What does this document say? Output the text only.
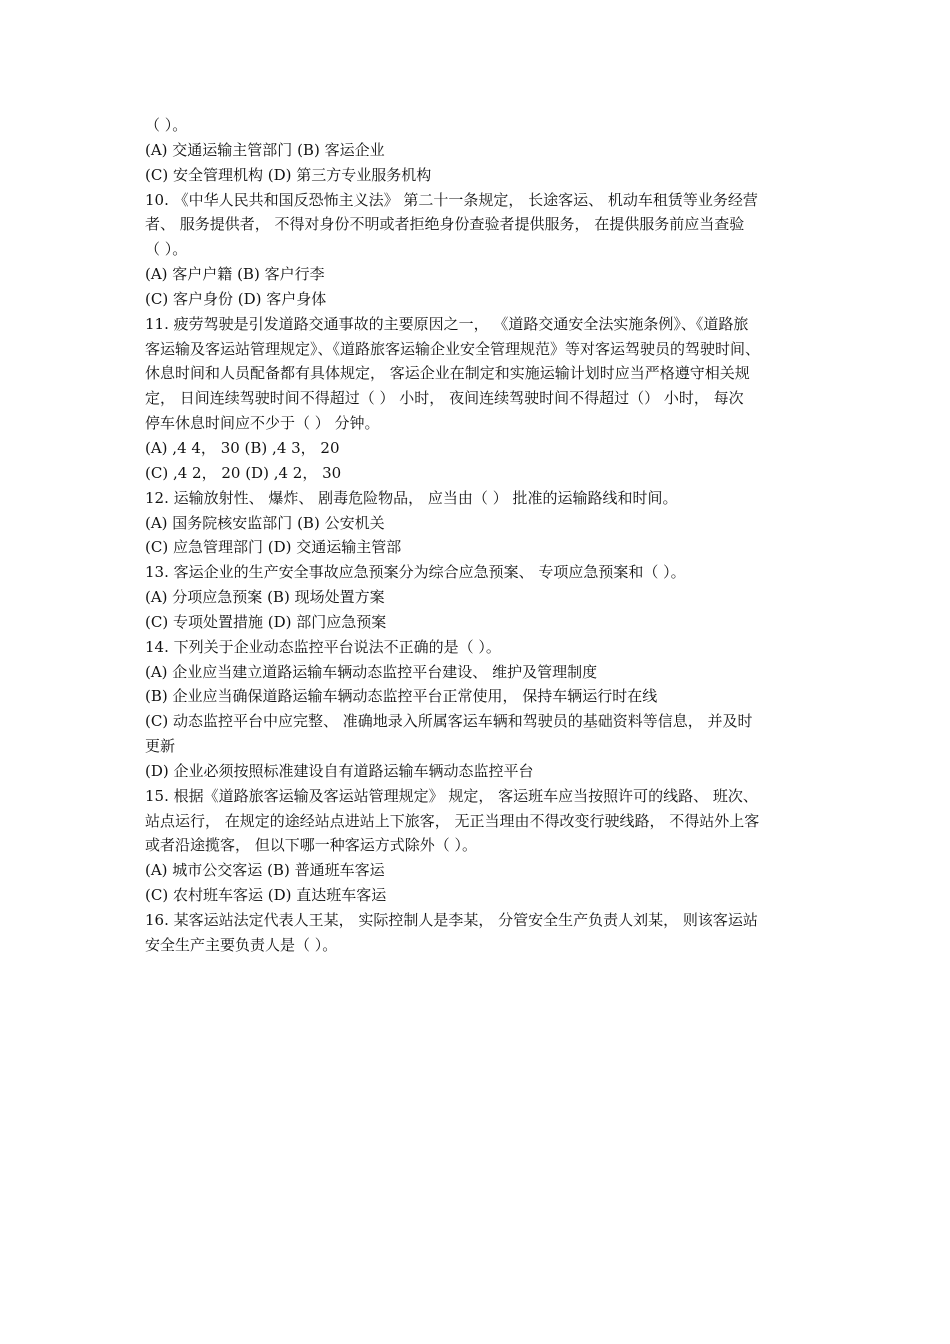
（ ）。
(A) 交通运输主管部门 (B) 客运企业
(C) 安全管理机构 (D) 第三方专业服务机构
10. 《中华人民共和国反恐怖主义法》 第二十一条规定， 长途客运、 机动车租赁等业务经营
者、 服务提供者， 不得对身份不明或者拒绝身份查验者提供服务， 在提供服务前应当查验
（ ）。
(A) 客户户籍 (B) 客户行李
(C) 客户身份 (D) 客户身体
11. 疲劳驾驶是引发道路交通事故的主要原因之一， 《道路交通安全法实施条例》、《道路旅
客运输及客运站管理规定》、《道路旅客运输企业安全管理规范》等对客运驾驶员的驾驶时间、
休息时间和人员配备都有具体规定， 客运企业在制定和实施运输计划时应当严格遵守相关规
定， 日间连续驾驶时间不得超过（ ） 小时， 夜间连续驾驶时间不得超过（） 小时， 每次
停车休息时间应不少于（ ） 分钟。
(A) ,4 4， 30 (B) ,4 3， 20
(C) ,4 2， 20 (D) ,4 2， 30
12. 运输放射性、 爆炸、 剧毒危险物品， 应当由（ ） 批准的运输路线和时间。
(A) 国务院核安监部门 (B) 公安机关
(C) 应急管理部门 (D) 交通运输主管部
13. 客运企业的生产安全事故应急预案分为综合应急预案、 专项应急预案和（ ）。
(A) 分项应急预案 (B) 现场处置方案
(C) 专项处置措施 (D) 部门应急预案
14. 下列关于企业动态监控平台说法不正确的是（ ）。
(A) 企业应当建立道路运输车辆动态监控平台建设、 维护及管理制度
(B) 企业应当确保道路运输车辆动态监控平台正常使用， 保持车辆运行时在线
(C) 动态监控平台中应完整、 准确地录入所属客运车辆和驾驶员的基础资料等信息， 并及时
更新
(D) 企业必须按照标准建设自有道路运输车辆动态监控平台
15. 根据《道路旅客运输及客运站管理规定》 规定， 客运班车应当按照许可的线路、 班次、
站点运行， 在规定的途经站点进站上下旅客， 无正当理由不得改变行驶线路， 不得站外上客
或者沿途揽客， 但以下哪一种客运方式除外（ ）。
(A) 城市公交客运 (B) 普通班车客运
(C) 农村班车客运 (D) 直达班车客运
16. 某客运站法定代表人王某， 实际控制人是李某， 分管安全生产负责人刘某， 则该客运站
安全生产主要负责人是（ ）。
